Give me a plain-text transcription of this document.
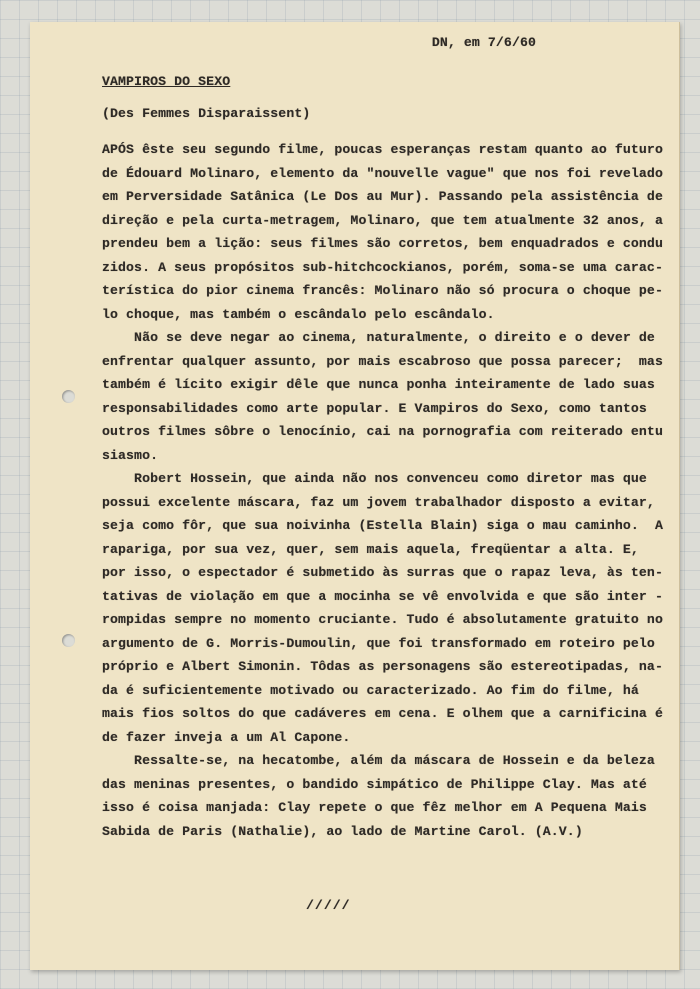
DN, em 7/6/60
VAMPIROS DO SEXO
(Des Femmes Disparaissent)
APÓS êste seu segundo filme, poucas esperanças restam quanto ao futuro
de Édouard Molinaro, elemento da "nouvelle vague" que nos foi revelado
em Perversidade Satânica (Le Dos au Mur). Passando pela assistência de
direção e pela curta-metragem, Molinaro, que tem atualmente 32 anos, a
prendeu bem a lição: seus filmes são corretos, bem enquadrados e condu
zidos. A seus propósitos sub-hitchcockianos, porém, soma-se uma carac-
terística do pior cinema francês: Molinaro não só procura o choque pe-
lo choque, mas também o escândalo pelo escândalo.
Não se deve negar ao cinema, naturalmente, o direito e o dever de
enfrentar qualquer assunto, por mais escabroso que possa parecer;  mas
também é lícito exigir dêle que nunca ponha inteiramente de lado suas
responsabilidades como arte popular. E Vampiros do Sexo, como tantos
outros filmes sôbre o lenocínio, cai na pornografia com reiterado entu
siasmo.
Robert Hossein, que ainda não nos convenceu como diretor mas que
possui excelente máscara, faz um jovem trabalhador disposto a evitar,
seja como fôr, que sua noivinha (Estella Blain) siga o mau caminho.  A
rapariga, por sua vez, quer, sem mais aquela, freqüentar a alta. E,
por isso, o espectador é submetido às surras que o rapaz leva, às ten-
tativas de violação em que a mocinha se vê envolvida e que são inter -
rompidas sempre no momento cruciante. Tudo é absolutamente gratuito no
argumento de G. Morris-Dumoulin, que foi transformado em roteiro pelo
próprio e Albert Simonin. Tôdas as personagens são estereotipadas, na-
da é suficientemente motivado ou caracterizado. Ao fim do filme, há
mais fios soltos do que cadáveres em cena. E olhem que a carnificina é
de fazer inveja a um Al Capone.
Ressalte-se, na hecatombe, além da máscara de Hossein e da beleza
das meninas presentes, o bandido simpático de Philippe Clay. Mas até
isso é coisa manjada: Clay repete o que fêz melhor em A Pequena Mais
Sabida de Paris (Nathalie), ao lado de Martine Carol. (A.V.)
/////
